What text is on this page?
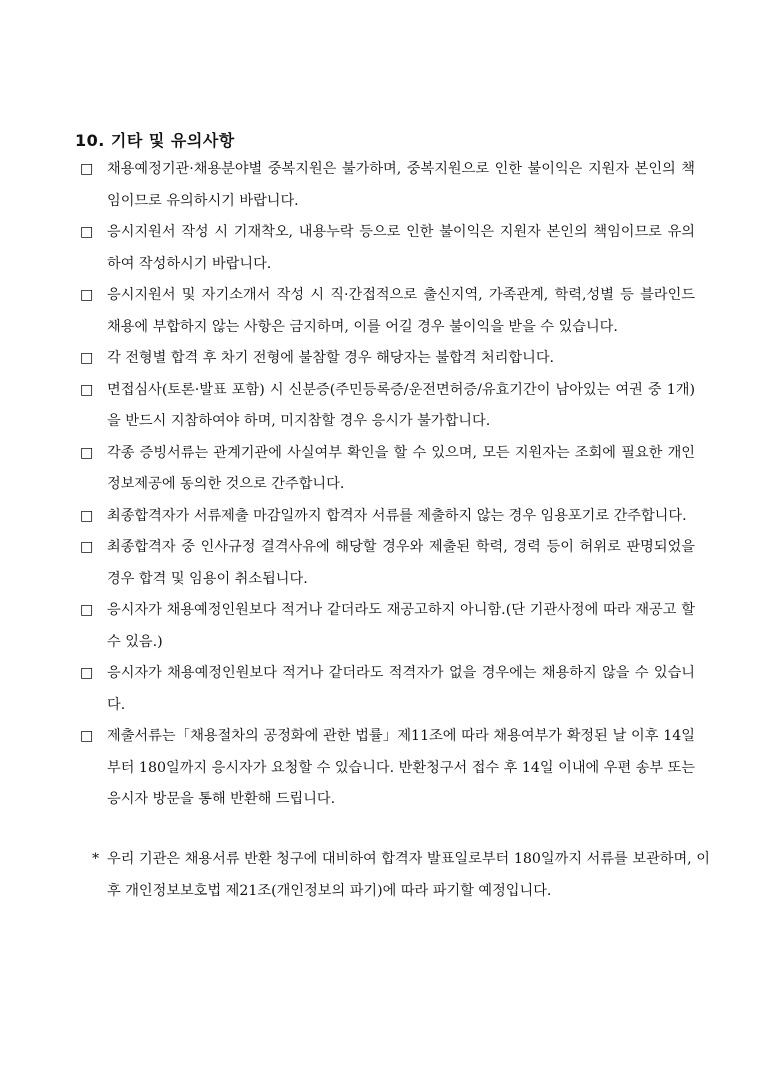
10. 기타 및 유의사항
□ 채용예정기관·채용분야별 중복지원은 불가하며, 중복지원으로 인한 불이익은 지원자 본인의 책임이므로 유의하시기 바랍니다.
□ 응시지원서 작성 시 기재착오, 내용누락 등으로 인한 불이익은 지원자 본인의 책임이므로 유의하여 작성하시기 바랍니다.
□ 응시지원서 및 자기소개서 작성 시 직·간접적으로 출신지역, 가족관계, 학력,성별 등 블라인드 채용에 부합하지 않는 사항은 금지하며, 이를 어길 경우 불이익을 받을 수 있습니다.
□ 각 전형별 합격 후 차기 전형에 불참할 경우 해당자는 불합격 처리합니다.
□ 면접심사(토론·발표 포함) 시 신분증(주민등록증/운전면허증/유효기간이 남아있는 여권 중 1개)을 반드시 지참하여야 하며, 미지참할 경우 응시가 불가합니다.
□ 각종 증빙서류는 관계기관에 사실여부 확인을 할 수 있으며, 모든 지원자는 조회에 필요한 개인정보제공에 동의한 것으로 간주합니다.
□ 최종합격자가 서류제출 마감일까지 합격자 서류를 제출하지 않는 경우 임용포기로 간주합니다.
□ 최종합격자 중 인사규정 결격사유에 해당할 경우와 제출된 학력, 경력 등이 허위로 판명되었을 경우 합격 및 임용이 취소됩니다.
□ 응시자가 채용예정인원보다 적거나 같더라도 재공고하지 아니함.(단 기관사정에 따라 재공고 할 수 있음.)
□ 응시자가 채용예정인원보다 적거나 같더라도 적격자가 없을 경우에는 채용하지 않을 수 있습니다.
□ 제출서류는「채용절차의 공정화에 관한 법률」제11조에 따라 채용여부가 확정된 날 이후 14일부터 180일까지 응시자가 요청할 수 있습니다. 반환청구서 접수 후 14일 이내에 우편 송부 또는 응시자 방문을 통해 반환해 드립니다.
* 우리 기관은 채용서류 반환 청구에 대비하여 합격자 발표일로부터 180일까지 서류를 보관하며, 이후 개인정보보호법 제21조(개인정보의 파기)에 따라 파기할 예정입니다.
